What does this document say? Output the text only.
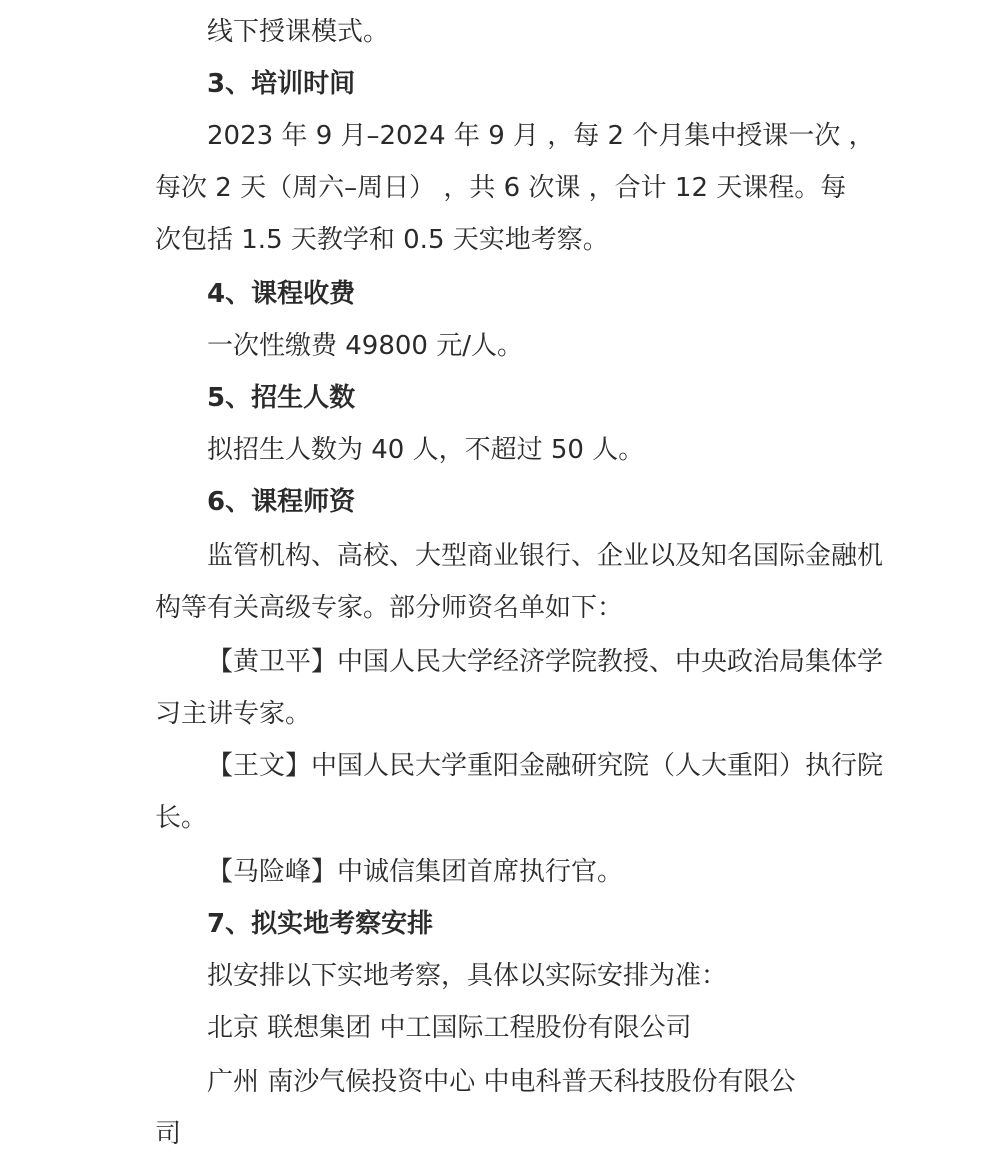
线下授课模式。
3、培训时间
2023 年 9 月–2024 年 9 月 ，每 2 个月集中授课一次 ，
每次 2 天（周六–周日） ，共 6 次课 ，合计 12 天课程。每
次包括 1.5 天教学和 0.5 天实地考察。
4、课程收费
一次性缴费 49800 元/人。
5、招生人数
拟招生人数为 40 人，不超过 50 人。
6、课程师资
监管机构、高校、大型商业银行、企业以及知名国际金融机
构等有关高级专家。部分师资名单如下：
【黄卫平】中国人民大学经济学院教授、中央政治局集体学
习主讲专家。
【王文】中国人民大学重阳金融研究院（人大重阳）执行院
长。
【马险峰】中诚信集团首席执行官。
7、拟实地考察安排
拟安排以下实地考察，具体以实际安排为准：
北京 联想集团 中工国际工程股份有限公司
广州 南沙气候投资中心 中电科普天科技股份有限公
司
